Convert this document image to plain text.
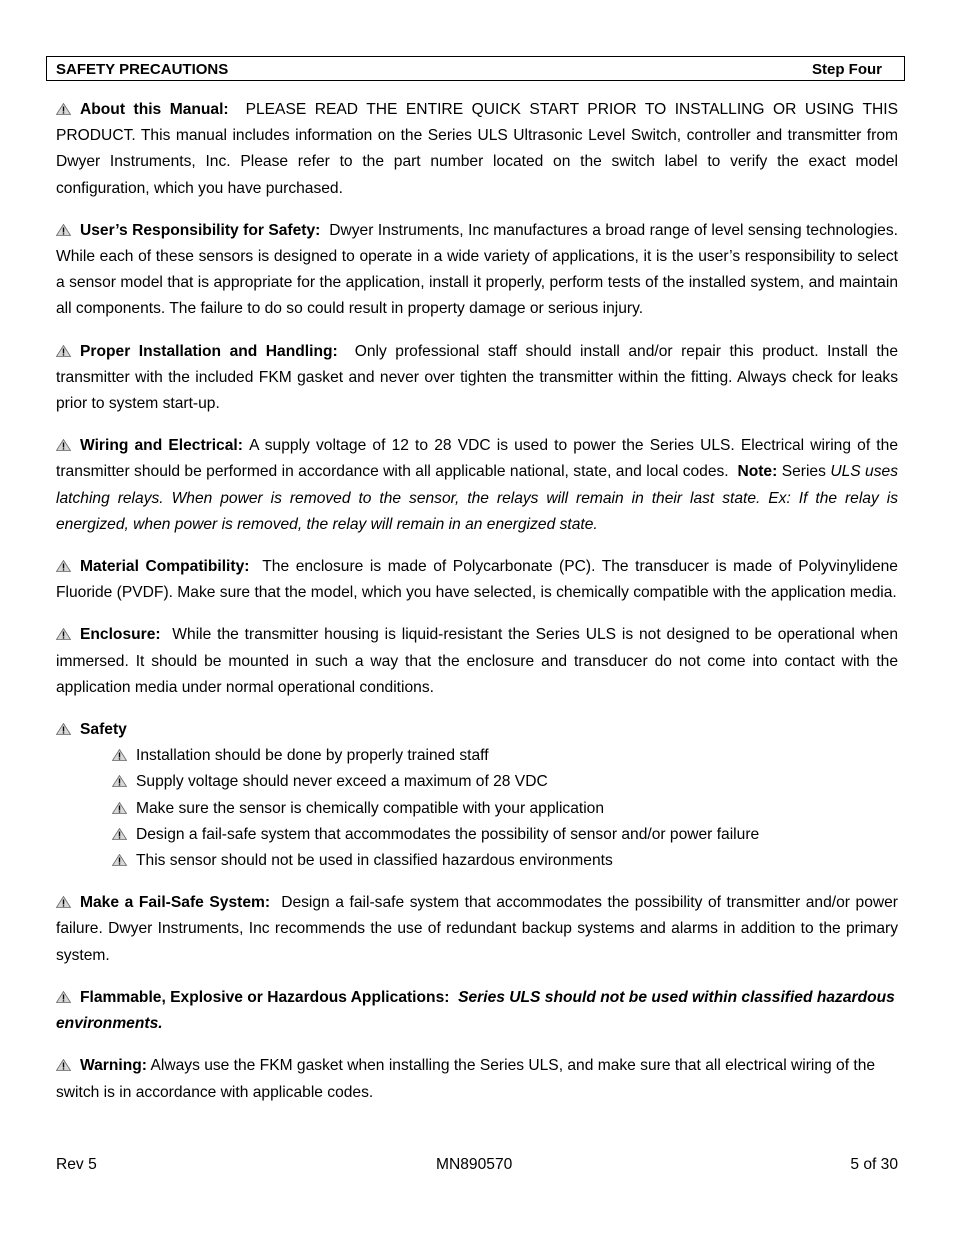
SAFETY PRECAUTIONS	Step Four

About this Manual: PLEASE READ THE ENTIRE QUICK START PRIOR TO INSTALLING OR USING THIS PRODUCT. This manual includes information on the Series ULS Ultrasonic Level Switch, controller and transmitter from Dwyer Instruments, Inc. Please refer to the part number located on the switch label to verify the exact model configuration, which you have purchased.

User’s Responsibility for Safety: Dwyer Instruments, Inc manufactures a broad range of level sensing technologies. While each of these sensors is designed to operate in a wide variety of applications, it is the user’s responsibility to select a sensor model that is appropriate for the application, install it properly, perform tests of the installed system, and maintain all components. The failure to do so could result in property damage or serious injury.

Proper Installation and Handling: Only professional staff should install and/or repair this product. Install the transmitter with the included FKM gasket and never over tighten the transmitter within the fitting. Always check for leaks prior to system start-up.

Wiring and Electrical: A supply voltage of 12 to 28 VDC is used to power the Series ULS. Electrical wiring of the transmitter should be performed in accordance with all applicable national, state, and local codes. Note: Series ULS uses latching relays. When power is removed to the sensor, the relays will remain in their last state. Ex: If the relay is energized, when power is removed, the relay will remain in an energized state.

Material Compatibility: The enclosure is made of Polycarbonate (PC). The transducer is made of Polyvinylidene Fluoride (PVDF). Make sure that the model, which you have selected, is chemically compatible with the application media.

Enclosure: While the transmitter housing is liquid-resistant the Series ULS is not designed to be operational when immersed. It should be mounted in such a way that the enclosure and transducer do not come into contact with the application media under normal operational conditions.

Safety
Installation should be done by properly trained staff
Supply voltage should never exceed a maximum of 28 VDC
Make sure the sensor is chemically compatible with your application
Design a fail-safe system that accommodates the possibility of sensor and/or power failure
This sensor should not be used in classified hazardous environments

Make a Fail-Safe System: Design a fail-safe system that accommodates the possibility of transmitter and/or power failure. Dwyer Instruments, Inc recommends the use of redundant backup systems and alarms in addition to the primary system.

Flammable, Explosive or Hazardous Applications: Series ULS should not be used within classified hazardous environments.

Warning: Always use the FKM gasket when installing the Series ULS, and make sure that all electrical wiring of the switch is in accordance with applicable codes.

Rev 5	MN890570	5 of 30
